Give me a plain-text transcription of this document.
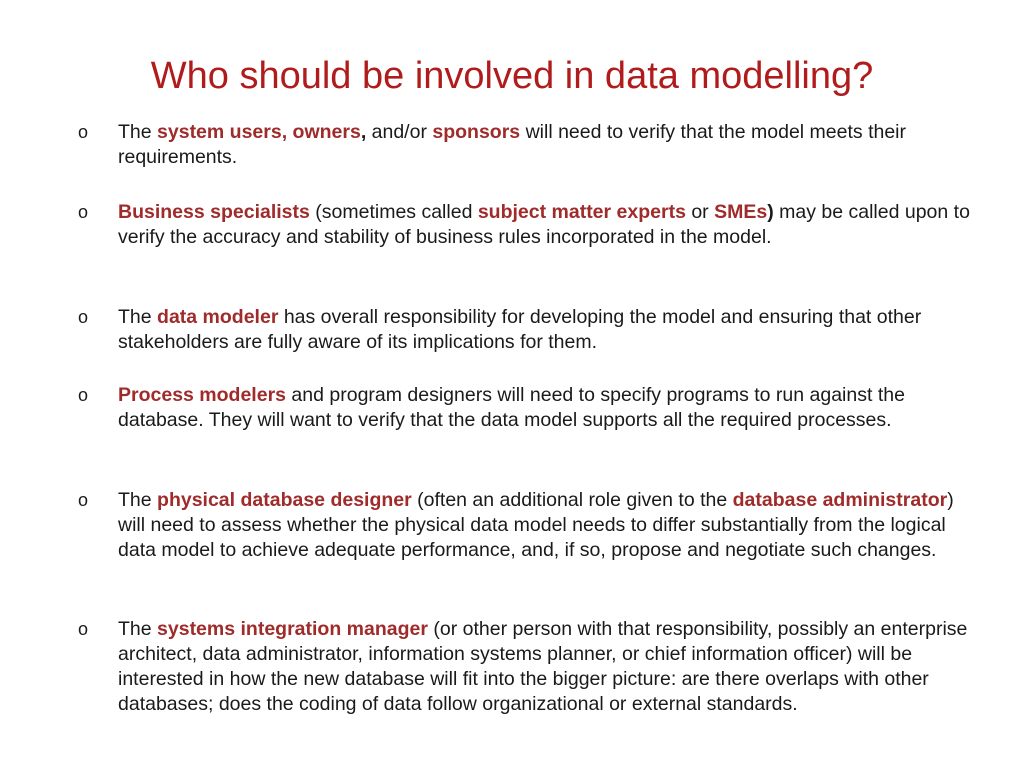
Who should be involved in data modelling?
o The system users, owners, and/or sponsors will need to verify that the model meets their requirements.
o Business specialists (sometimes called subject matter experts or SMEs) may be called upon to verify the accuracy and stability of business rules incorporated in the model.
o The data modeler has overall responsibility for developing the model and ensuring that other stakeholders are fully aware of its implications for them.
o Process modelers and program designers will need to specify programs to run against the database. They will want to verify that the data model supports all the required processes.
o The physical database designer (often an additional role given to the database administrator) will need to assess whether the physical data model needs to differ substantially from the logical data model to achieve adequate performance, and, if so, propose and negotiate such changes.
o The systems integration manager (or other person with that responsibility, possibly an enterprise architect, data administrator, information systems planner, or chief information officer) will be interested in how the new database will fit into the bigger picture: are there overlaps with other databases; does the coding of data follow organizational or external standards.
